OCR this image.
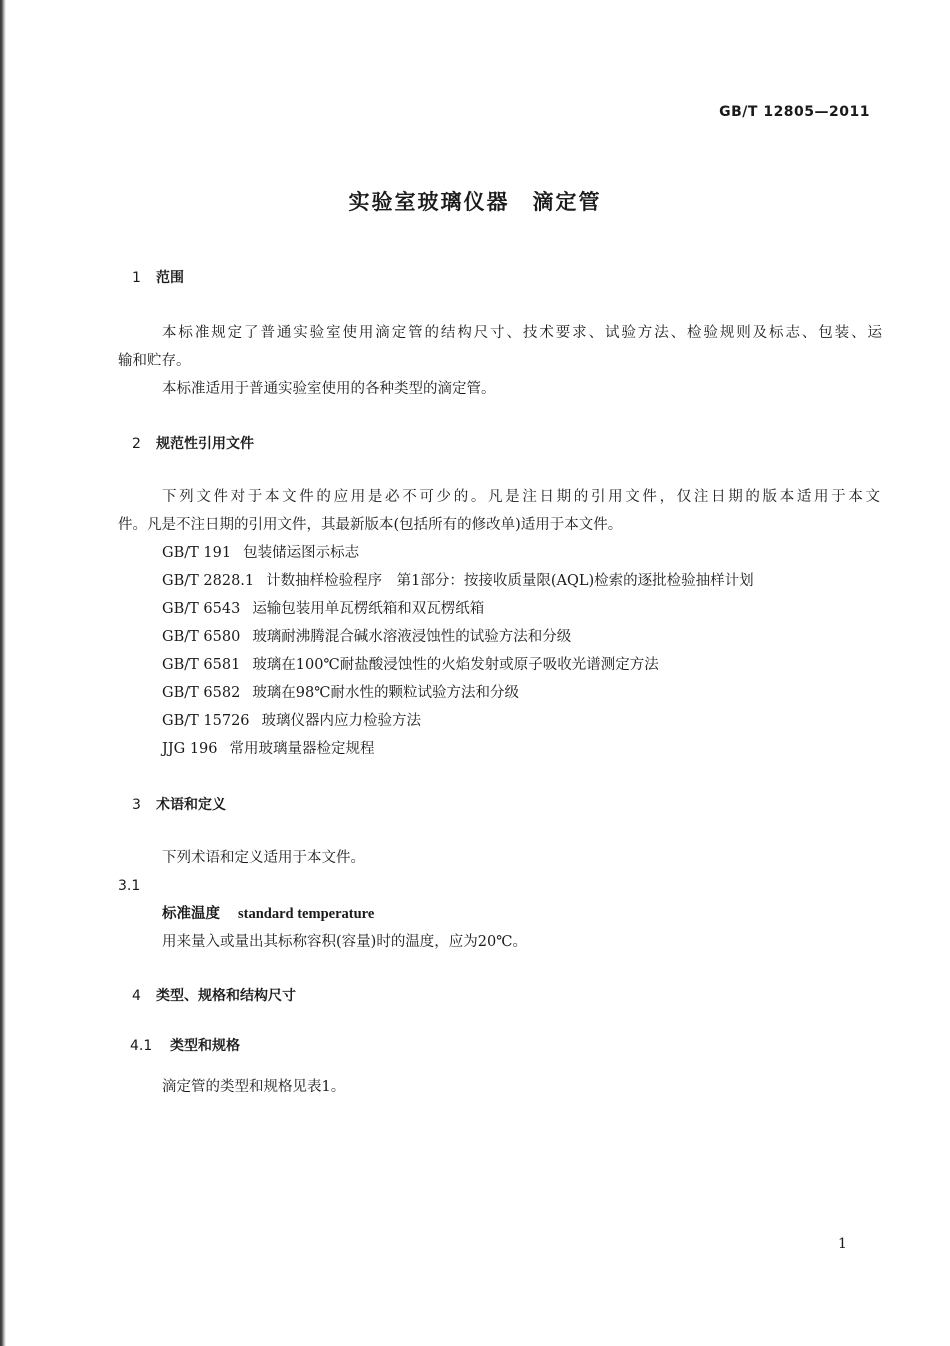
GB/T 12805—2011
实验室玻璃仪器　滴定管
1 范围
本标准规定了普通实验室使用滴定管的结构尺寸、技术要求、试验方法、检验规则及标志、包装、运
输和贮存。
本标准适用于普通实验室使用的各种类型的滴定管。
2 规范性引用文件
下列文件对于本文件的应用是必不可少的。凡是注日期的引用文件，仅注日期的版本适用于本文
件。凡是不注日期的引用文件，其最新版本(包括所有的修改单)适用于本文件。
GB/T 191 包装储运图示标志
GB/T 2828.1 计数抽样检验程序　第1部分：按接收质量限(AQL)检索的逐批检验抽样计划
GB/T 6543 运输包装用单瓦楞纸箱和双瓦楞纸箱
GB/T 6580 玻璃耐沸腾混合碱水溶液浸蚀性的试验方法和分级
GB/T 6581 玻璃在100℃耐盐酸浸蚀性的火焰发射或原子吸收光谱测定方法
GB/T 6582 玻璃在98℃耐水性的颗粒试验方法和分级
GB/T 15726 玻璃仪器内应力检验方法
JJG 196 常用玻璃量器检定规程
3 术语和定义
下列术语和定义适用于本文件。
3.1
标准温度 standard temperature
用来量入或量出其标称容积(容量)时的温度，应为20℃。
4 类型、规格和结构尺寸
4.1 类型和规格
滴定管的类型和规格见表1。
1
